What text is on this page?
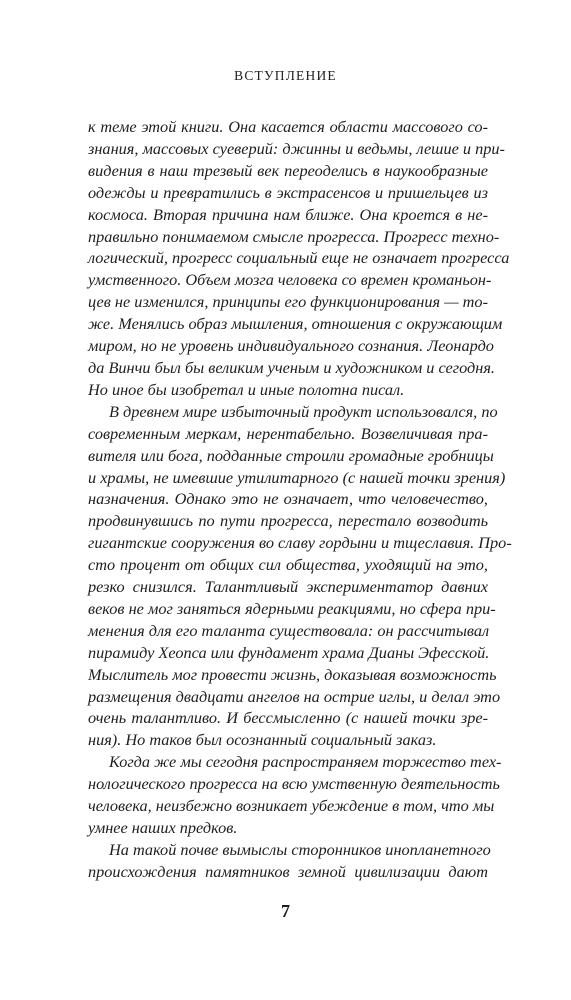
ВСТУПЛЕНИЕ
к теме этой книги. Она касается области массового со-
знания, массовых суеверий: джинны и ведьмы, лешие и при-
видения в наш трезвый век переоделись в наукообразные
одежды и превратились в экстрасенсов и пришельцев из
космоса. Вторая причина нам ближе. Она кроется в не-
правильно понимаемом смысле прогресса. Прогресс техно-
логический, прогресс социальный еще не означает прогресса
умственного. Объем мозга человека со времен кроманьон-
цев не изменился, принципы его функционирования — то-
же. Менялись образ мышления, отношения с окружающим
миром, но не уровень индивидуального сознания. Леонардо
да Винчи был бы великим ученым и художником и сегодня.
Но иное бы изобретал и иные полотна писал.
В древнем мире избыточный продукт использовался, по
современным меркам, нерентабельно. Возвеличивая пра-
вителя или бога, подданные строили громадные гробницы
и храмы, не имевшие утилитарного (с нашей точки зрения)
назначения. Однако это не означает, что человечество,
продвинувшись по пути прогресса, перестало возводить
гигантские сооружения во славу гордыни и тщеславия. Про-
сто процент от общих сил общества, уходящий на это,
резко снизился. Талантливый экспериментатор давних
веков не мог заняться ядерными реакциями, но сфера при-
менения для его таланта существовала: он рассчитывал
пирамиду Хеопса или фундамент храма Дианы Эфесской.
Мыслитель мог провести жизнь, доказывая возможность
размещения двадцати ангелов на острие иглы, и делал это
очень талантливо. И бессмысленно (с нашей точки зре-
ния). Но таков был осознанный социальный заказ.
Когда же мы сегодня распространяем торжество тех-
нологического прогресса на всю умственную деятельность
человека, неизбежно возникает убеждение в том, что мы
умнее наших предков.
На такой почве вымыслы сторонников инопланетного
происхождения памятников земной цивилизации дают
7
